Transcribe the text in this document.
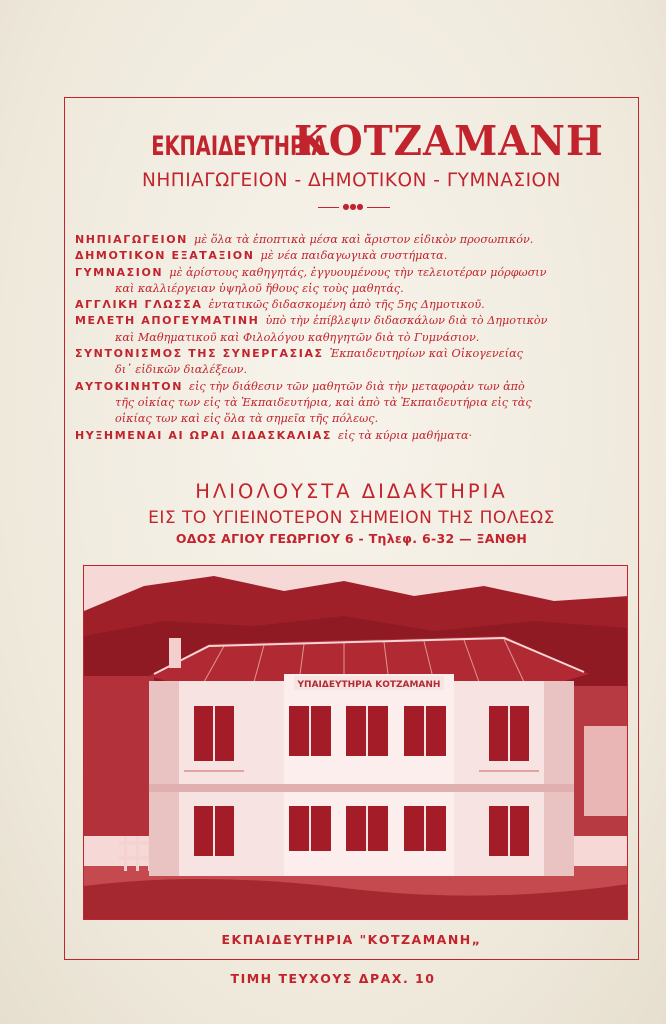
ΕΚΠΑΙΔΕΥΤΗΡΙΑ ΚΟΤΖΑΜΑΝΗ
ΝΗΠΙΑΓΩΓΕΙΟΝ - ΔΗΜΟΤΙΚΟΝ - ΓΥΜΝΑΣΙΟΝ
●●●
ΝΗΠΙΑΓΩΓΕΙΟΝ μὲ ὅλα τὰ ἐποπτικὰ μέσα καὶ ἄριστον εἰδικὸν προσωπικόν.
ΔΗΜΟΤΙΚΟΝ ΕΞΑΤΑΞΙΟΝ μὲ νέα παιδαγωγικὰ συστήματα.
ΓΥΜΝΑΣΙΟΝ μὲ ἀρίστους καθηγητάς, ἐγγυουμένους τὴν τελειοτέραν μόρφωσιν
καὶ καλλιέργειαν ὑψηλοῦ ἤθους εἰς τοὺς μαθητάς.
ΑΓΓΛΙΚΗ ΓΛΩΣΣΑ ἐντατικῶς διδασκομένη ἀπὸ τῆς 5ης Δημοτικοῦ.
ΜΕΛΕΤΗ ΑΠΟΓΕΥΜΑΤΙΝΗ ὑπὸ τὴν ἐπίβλεψιν διδασκάλων διὰ τὸ Δημοτικὸν
καὶ Μαθηματικοῦ καὶ Φιλολόγου καθηγητῶν διὰ τὸ Γυμνάσιον.
ΣΥΝΤΟΝΙΣΜΟΣ ΤΗΣ ΣΥΝΕΡΓΑΣΙΑΣ Ἐκπαιδευτηρίων καὶ Οἰκογενείας
δι᾽ εἰδικῶν διαλέξεων.
ΑΥΤΟΚΙΝΗΤΟΝ εἰς τὴν διάθεσιν τῶν μαθητῶν διὰ τὴν μεταφορὰν των ἀπὸ
τῆς οἰκίας των εἰς τὰ Ἐκπαιδευτήρια, καὶ ἀπὸ τὰ Ἐκπαιδευτήρια εἰς τὰς
οἰκίας των καὶ εἰς ὅλα τὰ σημεῖα τῆς πόλεως.
ΗΥΞΗΜΕΝΑΙ ΑΙ ΩΡΑΙ ΔΙΔΑΣΚΑΛΙΑΣ εἰς τὰ κύρια μαθήματα·
ΗΛΙΟΛΟΥΣΤΑ ΔΙΔΑΚΤΗΡΙΑ
ΕΙΣ ΤΟ ΥΓΙΕΙΝΟΤΕΡΟΝ ΣΗΜΕΙΟΝ ΤΗΣ ΠΟΛΕΩΣ
ΟΔΟΣ ΑΓΙΟΥ ΓΕΩΡΓΙΟΥ 6 - Τηλεφ. 6-32 — ΞΑΝΘΗ
ΥΠΑΙΔΕΥΤΗΡΙΑ ΚΟΤΖΑΜΑΝΗ
ΕΚΠΑΙΔΕΥΤΗΡΙΑ "ΚΟΤΖΑΜΑΝΗ„
ΤΙΜΗ ΤΕΥΧΟΥΣ ΔΡΑΧ. 10
